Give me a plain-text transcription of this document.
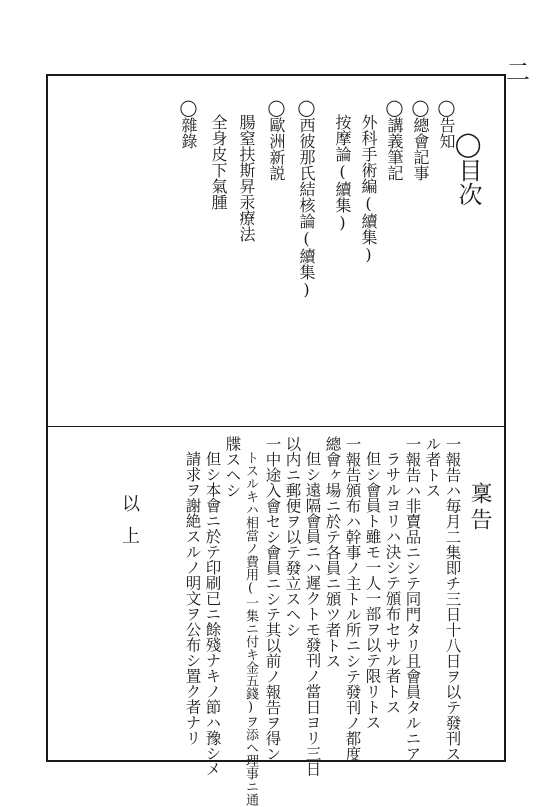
二
◯目次
◯告知
◯總會記事
◯講義筆記
　外科手術編(續集)
　按摩論(續集)
◯西彼那氏結核論(續集)
◯歐洲新説
　腸窒扶斯昇汞療法
　全身皮下氣腫
◯雜錄
稟告
一報告ハ毎月二集即チ三日十八日ヲ以テ發刊ス
ル者トス
一報告ハ非賣品ニシテ同門タリ且會員タルニア
ラサルヨリハ決シテ頒布セサル者トス
但シ會員ト雖モ一人一部ヲ以テ限リトス
一報告頒布ハ幹事ノ主トル所ニシテ發刊ノ都度
總會ヶ場ニ於テ各員ニ頒ツ者トス
但シ遠隔會員ニハ遲クトモ發刊ノ當日ヨリ三日
以内ニ郵便ヲ以テ發立スヘシ
一中途入會セシ會員ニシテ其以前ノ報告ヲ得ン
トスルキハ相當ノ費用(一集ニ付キ金五錢)ヲ添ヘ理事ニ通
牒スヘシ
但シ本會ニ於テ印刷已ニ餘殘ナキノ節ハ豫シメ
請求ヲ謝絶スルノ明文ヲ公布シ置ク者ナリ
以上
